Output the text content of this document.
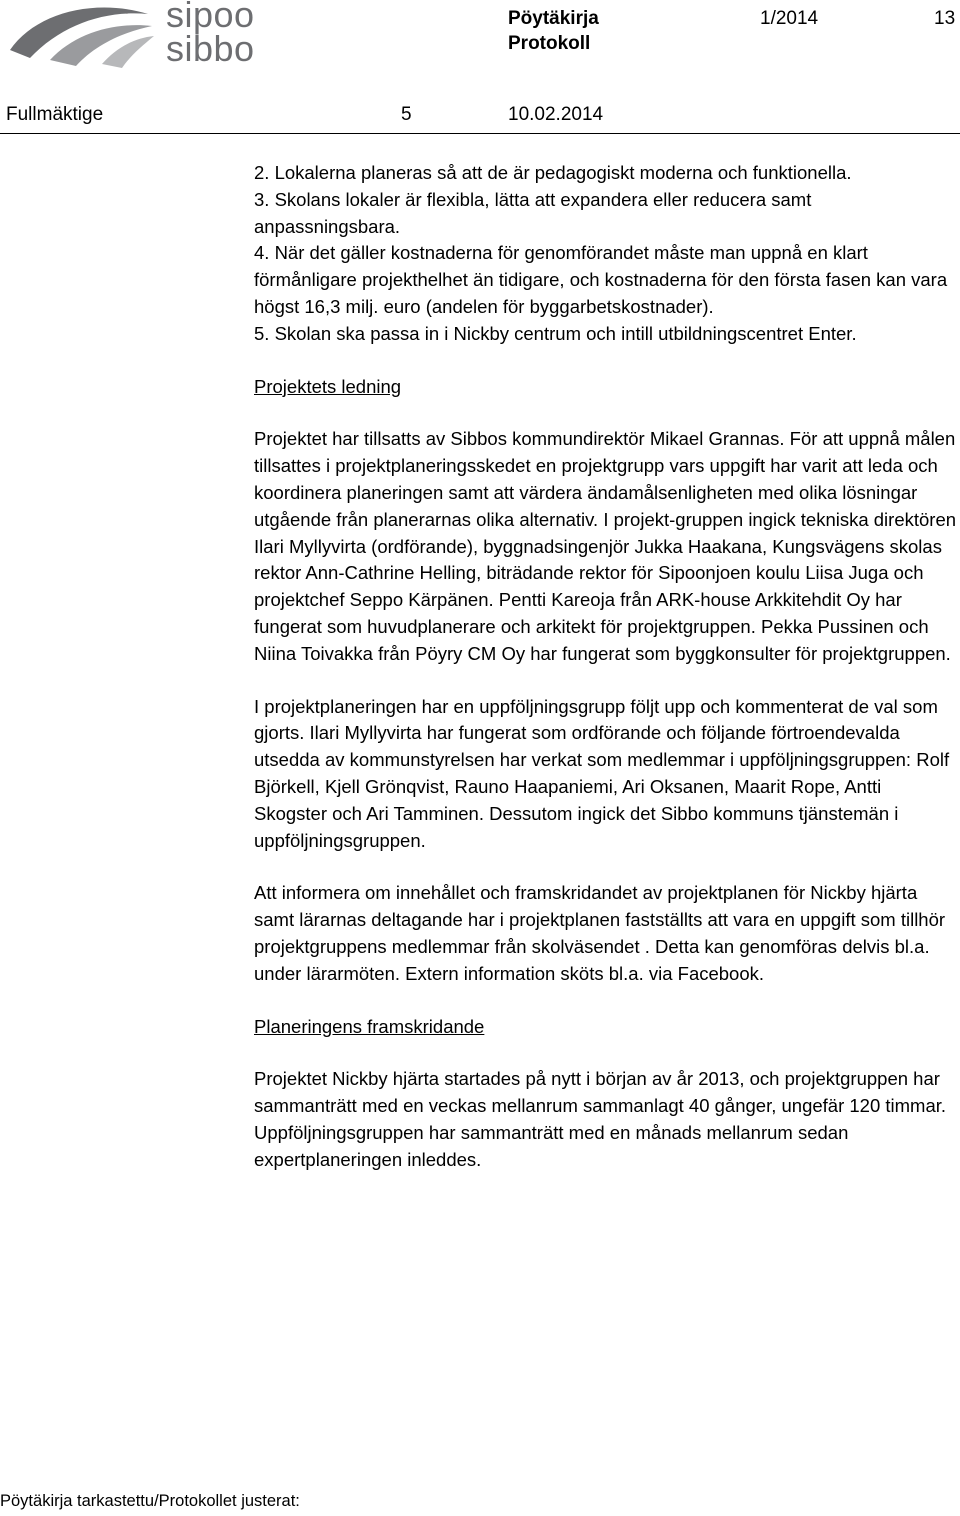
sipoo
sibbo
Pöytäkirja
Protokoll
1/2014	13
Fullmäktige	5	10.02.2014

2. Lokalerna planeras så att de är pedagogiskt moderna och funktionella.

3. Skolans lokaler är flexibla, lätta att expandera eller reducera samt anpassningsbara.

4. När det gäller kostnaderna för genomförandet måste man uppnå en klart förmånligare projekthelhet än tidigare, och kostnaderna för den första fasen kan vara högst 16,3 milj. euro (andelen för byggarbetskostnader).

5. Skolan ska passa in i Nickby centrum och intill utbildningscentret Enter.

Projektets ledning

Projektet har tillsatts av Sibbos kommundirektör Mikael Grannas. För att uppnå målen tillsattes i projektplaneringsskedet en projektgrupp vars uppgift har varit att leda och koordinera planeringen samt att värdera ändamålsenligheten med olika lösningar utgående från planerarnas olika alternativ. I projekt-gruppen ingick tekniska direktören Ilari Myllyvirta (ordförande), byggnadsingenjör Jukka Haakana, Kungsvägens skolas rektor Ann-Cathrine Helling, biträdande rektor för Sipoonjoen koulu Liisa Juga och projektchef Seppo Kärpänen. Pentti Kareoja från ARK-house Arkkitehdit Oy har fungerat som huvudplanerare och arkitekt för projektgruppen. Pekka Pussinen och Niina Toivakka från Pöyry CM Oy har fungerat som byggkonsulter för projektgruppen.

I projektplaneringen har en uppföljningsgrupp följt upp och kommenterat de val som gjorts. Ilari Myllyvirta har fungerat som ordförande och följande förtroendevalda utsedda av kommunstyrelsen har verkat som medlemmar i uppföljningsgruppen: Rolf Björkell, Kjell Grönqvist, Rauno Haapaniemi, Ari Oksanen, Maarit Rope, Antti Skogster och Ari Tamminen. Dessutom ingick det Sibbo kommuns tjänstemän i uppföljningsgruppen.

Att informera om innehållet och framskridandet av projektplanen för Nickby hjärta samt lärarnas deltagande har i projektplanen fastställts att vara en uppgift som tillhör projektgruppens medlemmar från skolväsendet . Detta kan genomföras delvis bl.a. under lärarmöten. Extern information sköts bl.a. via Facebook.

Planeringens framskridande

Projektet Nickby hjärta startades på nytt i början av år 2013, och projektgruppen har sammanträtt med en veckas mellanrum sammanlagt 40 gånger, ungefär 120 timmar. Uppföljningsgruppen har sammanträtt med en månads mellanrum sedan expertplaneringen inleddes.

Pöytäkirja tarkastettu/Protokollet justerat:
